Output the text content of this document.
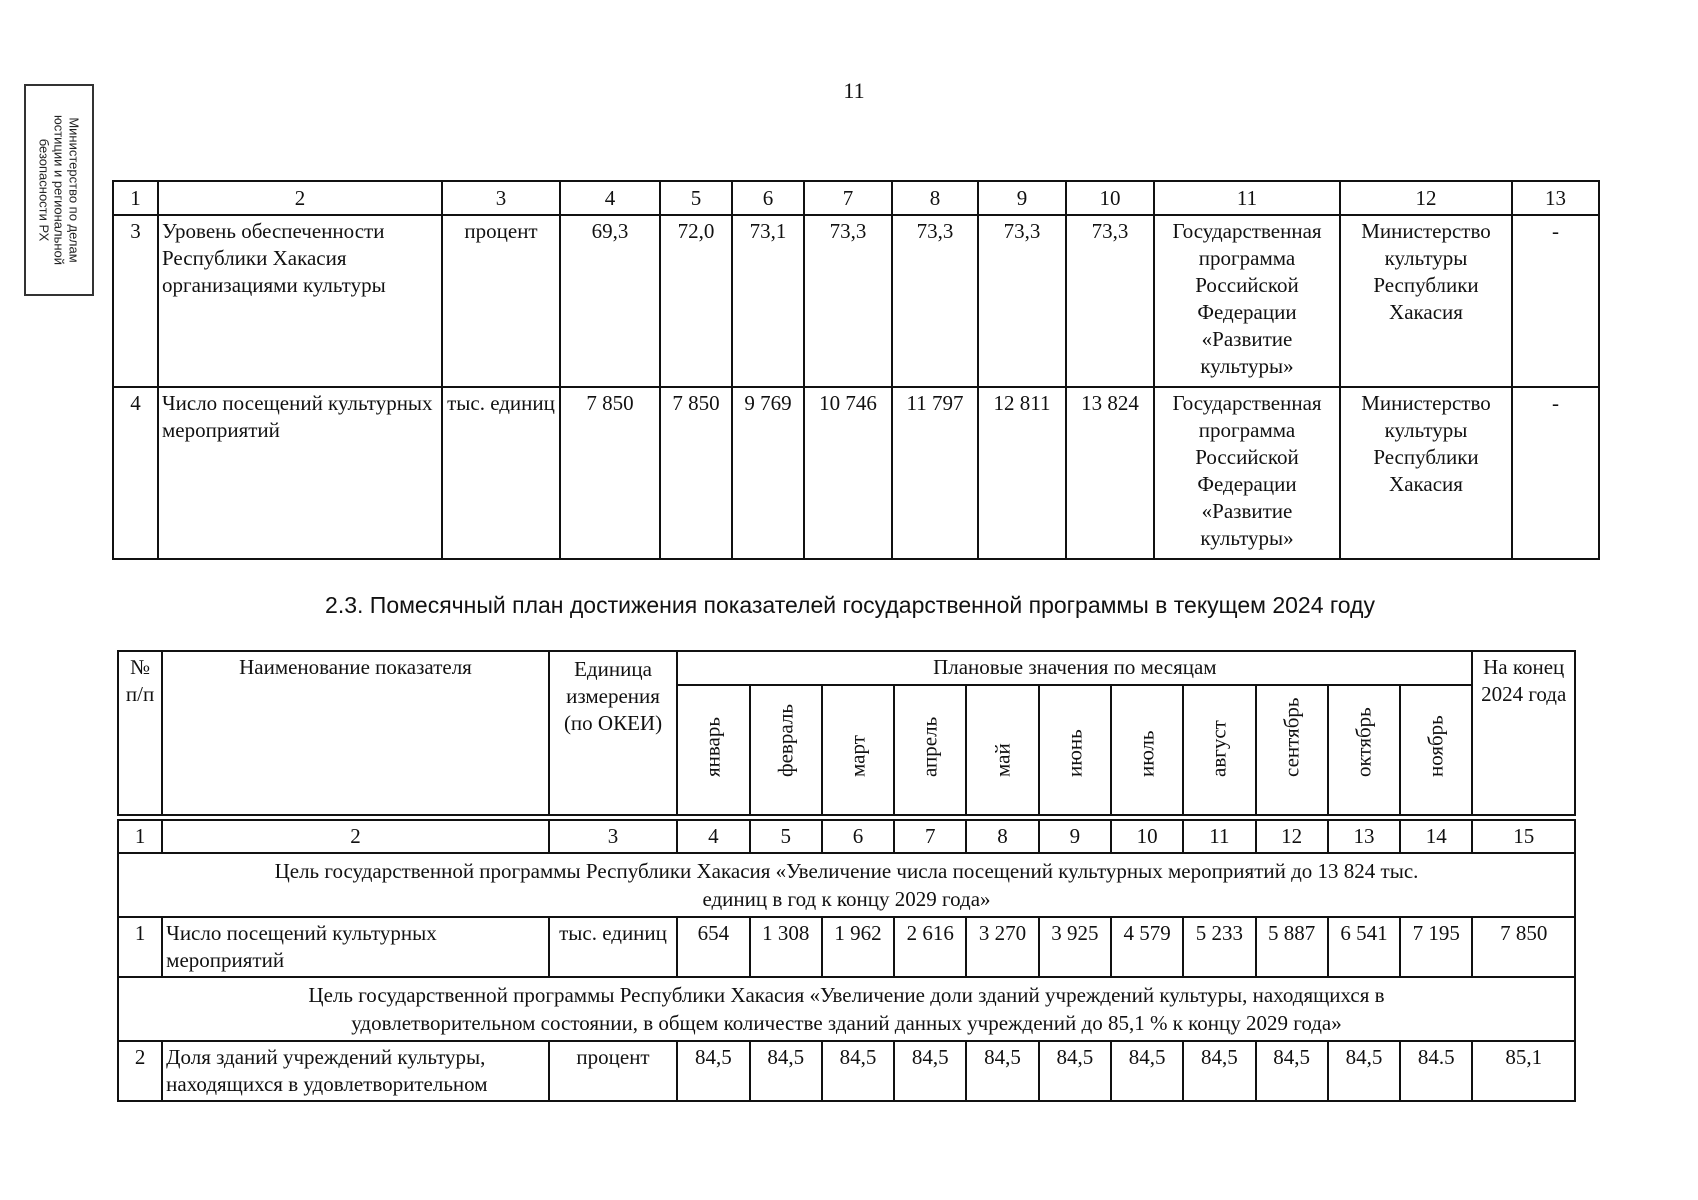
11
Министерство по делам
юстиции и региональной
безопасности РХ	1	2	3	4	5	6	7	8	9	10	11	12	13
3	Уровень обеспеченности Республики Хакасия организациями культуры	процент	69,3	72,0	73,1	73,3	73,3	73,3	73,3	Государственная программа Российской Федерации «Развитие культуры»	Министерство культуры Республики Хакасия	-
4	Число посещений культурных мероприятий	тыс. единиц	7 850	7 850	9 769	10 746	11 797	12 811	13 824	Государственная программа Российской Федерации «Развитие культуры»	Министерство культуры Республики Хакасия	-
2.3. Помесячный план достижения показателей государственной программы в текущем 2024 году
№ п/п	Наименование показателя	Единица измерения (по ОКЕИ)	Плановые значения по месяцам											На конец 2024 года

			январь	февраль	март	апрель	май	июнь	июль	август	сентябрь	октябрь	ноябрь	

1	2	3	4	5	6	7	8	9	10	11	12	13	14	15
Цель государственной программы Республики Хакасия «Увеличение числа посещений культурных мероприятий до 13 824 тыс. единиц в год к концу 2029 года»														
1	Число посещений культурных мероприятий	тыс. единиц	654	1 308	1 962	2 616	3 270	3 925	4 579	5 233	5 887	6 541	7 195	7 850
Цель государственной программы Республики Хакасия «Увеличение доли зданий учреждений культуры, находящихся в удовлетворительном состоянии, в общем количестве зданий данных учреждений до 85,1 % к концу 2029 года»														
2	Доля зданий учреждений культуры, находящихся в удовлетворительном	процент	84,5	84,5	84,5	84,5	84,5	84,5	84,5	84,5	84,5	84,5	84.5	85,1
